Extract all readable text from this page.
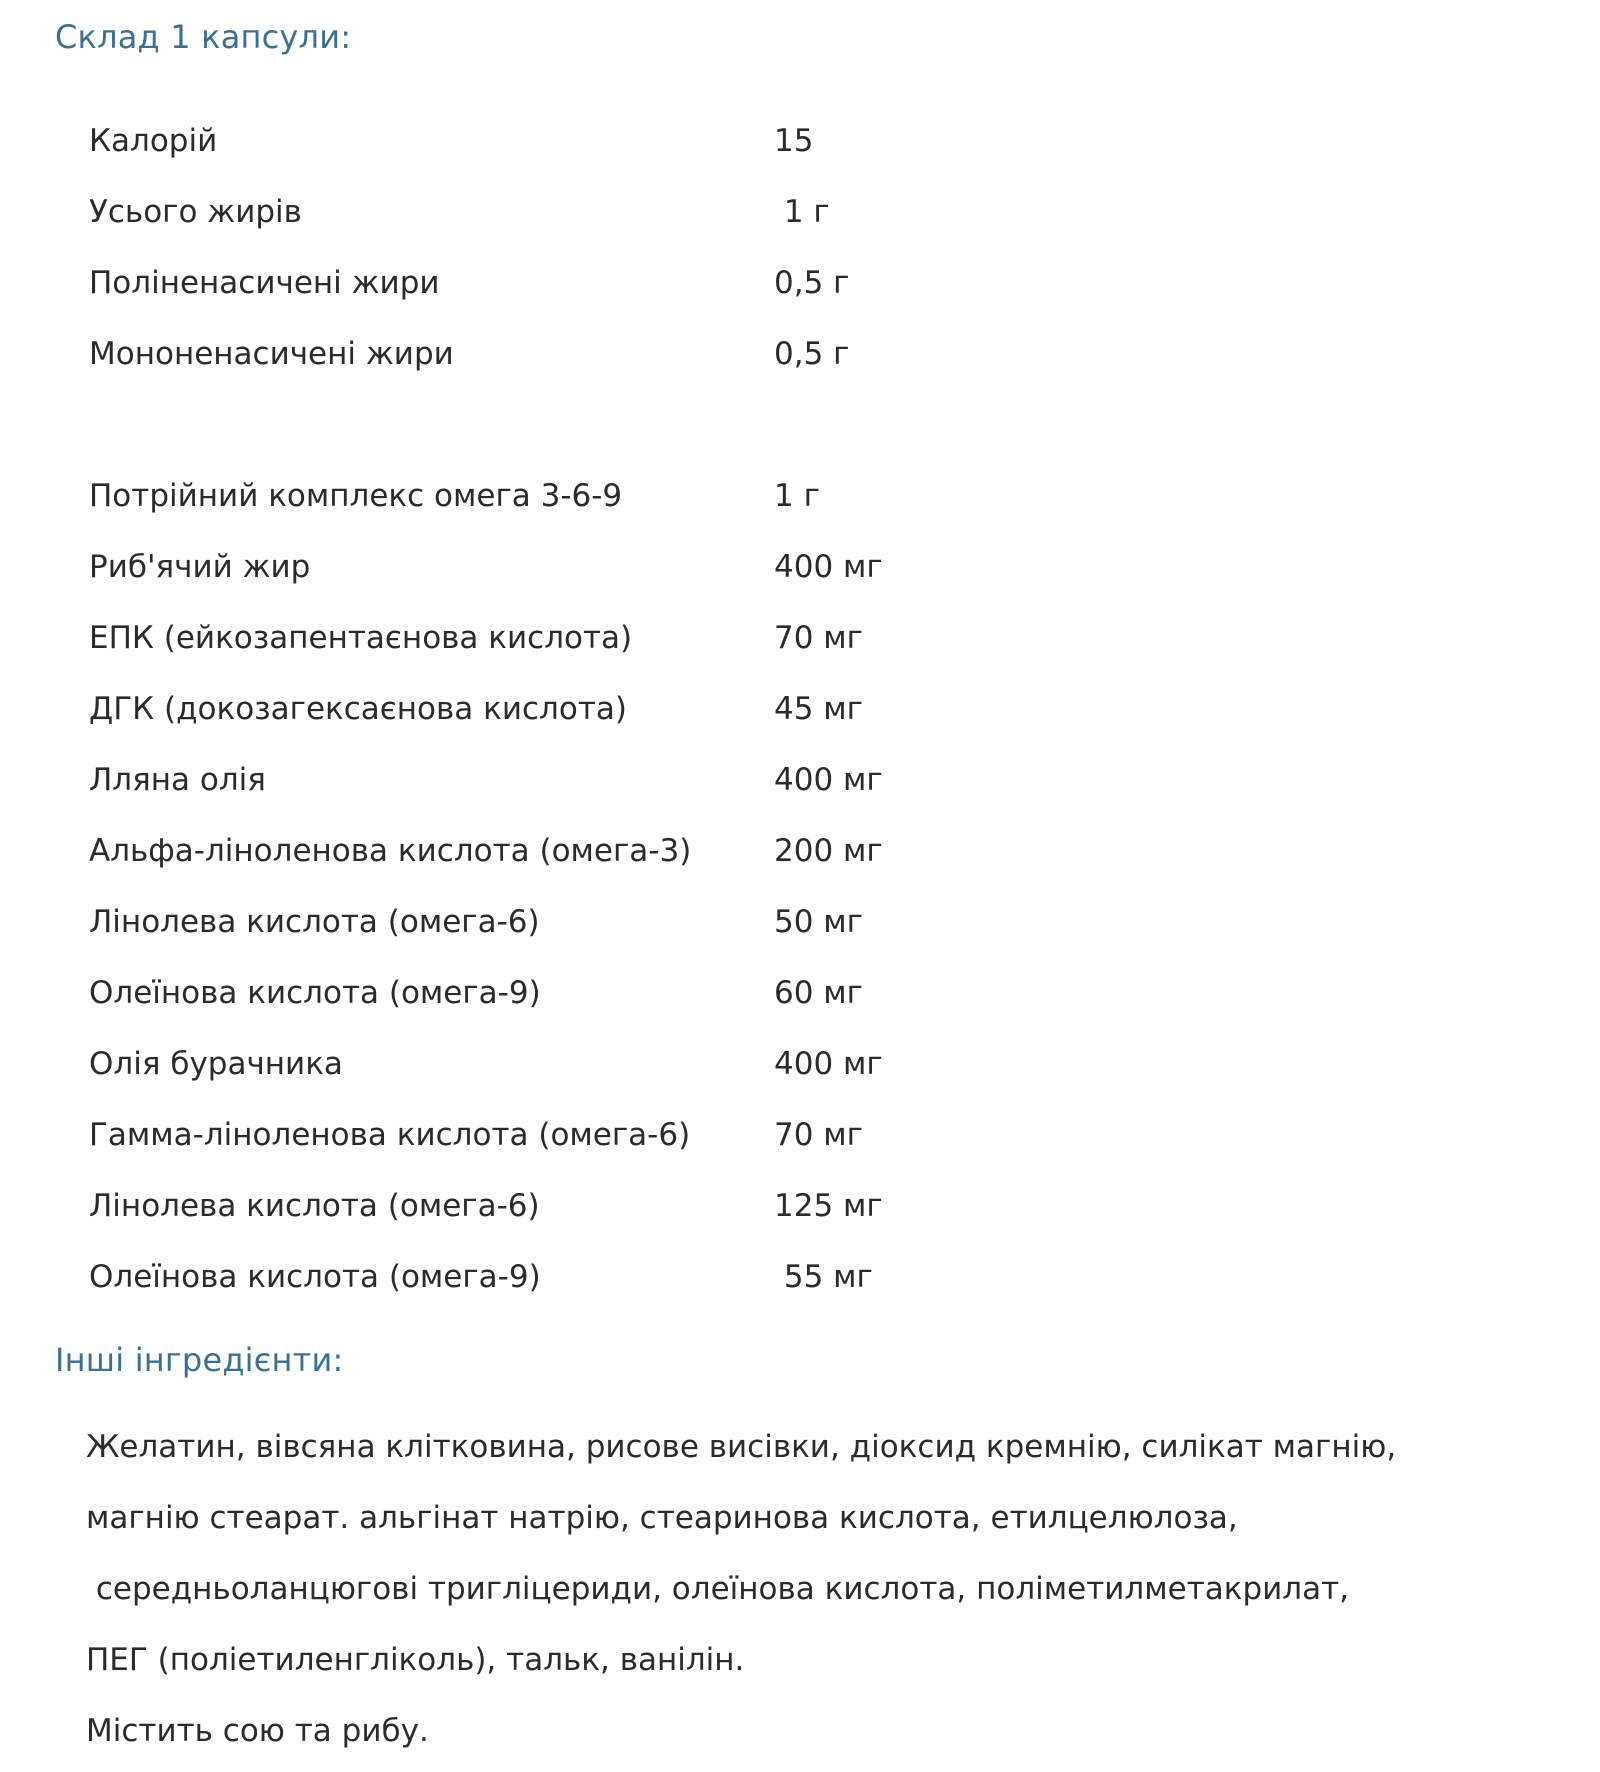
Склад 1 капсули:
Калорій	15
Усього жирів	1 г
Поліненасичені жири	0,5 г
Мононенасичені жири	0,5 г
Потрійний комплекс омега 3-6-9	1 г
Риб'ячий жир	400 мг
ЕПК (ейкозапентаєнова кислота)	70 мг
ДГК (докозагексаєнова кислота)	45 мг
Лляна олія	400 мг
Альфа-ліноленова кислота (омега-3)	200 мг
Лінолева кислота (омега-6)	50 мг
Олеїнова кислота (омега-9)	60 мг
Олія бурачника	400 мг
Гамма-ліноленова кислота (омега-6)	70 мг
Лінолева кислота (омега-6)	125 мг
Олеїнова кислота (омега-9)	55 мг
Інші інгредієнти:
Желатин, вівсяна клітковина, рисове висівки, діоксид кремнію, силікат магнію,
магнію стеарат. альгінат натрію, стеаринова кислота, етилцелюлоза,
середньоланцюгові тригліцериди, олеїнова кислота, поліметилметакрилат,
ПЕГ (поліетиленгліколь), тальк, ванілін.
Містить сою та рибу.
